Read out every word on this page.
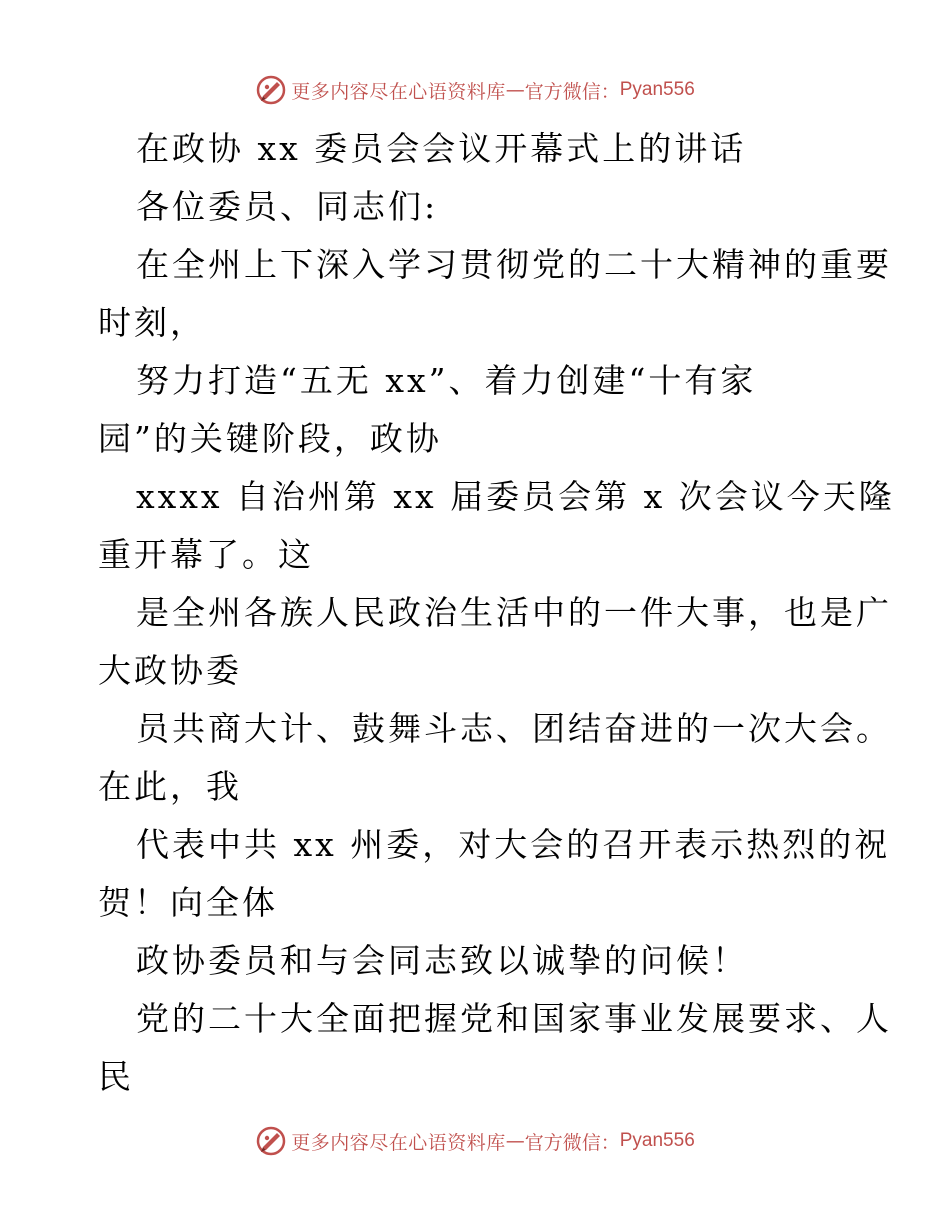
更多内容尽在心语资料库 — 官方微信： Pyan556
在政协 xx 委员会会议开幕式上的讲话
各位委员、同志们:
在全州上下深入学习贯彻党的二十大精神的重要
时刻，
努力打造“五无 xx”、着力创建“十有家
园”的关键阶段，政协
xxxx 自治州第 xx 届委员会第 x 次会议今天隆
重开幕了。这
是全州各族人民政治生活中的一件大事，也是广
大政协委
员共商大计、鼓舞斗志、团结奋进的一次大会。
在此，我
代表中共 xx 州委，对大会的召开表示热烈的祝
贺！向全体
政协委员和与会同志致以诚挚的问候！
党的二十大全面把握党和国家事业发展要求、人
民
更多内容尽在心语资料库 — 官方微信： Pyan556
